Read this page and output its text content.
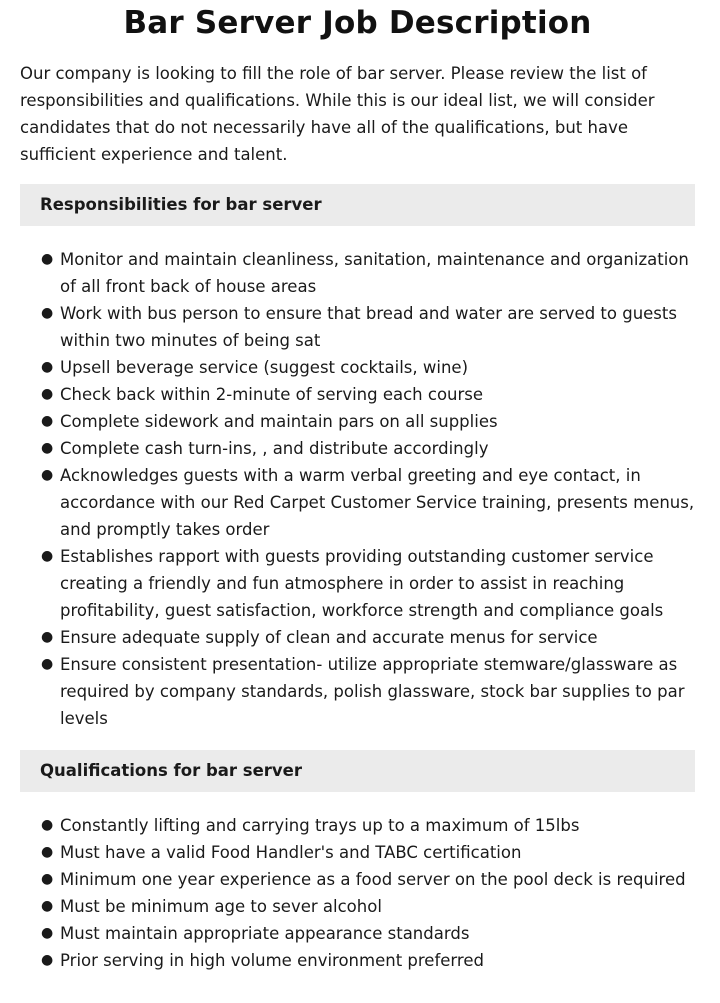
Bar Server Job Description

Our company is looking to fill the role of bar server. Please review the list of responsibilities and qualifications. While this is our ideal list, we will consider candidates that do not necessarily have all of the qualifications, but have sufficient experience and talent.

Responsibilities for bar server
● Monitor and maintain cleanliness, sanitation, maintenance and organization of all front back of house areas
● Work with bus person to ensure that bread and water are served to guests within two minutes of being sat
● Upsell beverage service (suggest cocktails, wine)
● Check back within 2-minute of serving each course
● Complete sidework and maintain pars on all supplies
● Complete cash turn-ins, , and distribute accordingly
● Acknowledges guests with a warm verbal greeting and eye contact, in accordance with our Red Carpet Customer Service training, presents menus, and promptly takes order
● Establishes rapport with guests providing outstanding customer service creating a friendly and fun atmosphere in order to assist in reaching profitability, guest satisfaction, workforce strength and compliance goals
● Ensure adequate supply of clean and accurate menus for service
● Ensure consistent presentation- utilize appropriate stemware/glassware as required by company standards, polish glassware, stock bar supplies to par levels
Qualifications for bar server
● Constantly lifting and carrying trays up to a maximum of 15lbs
● Must have a valid Food Handler's and TABC certification
● Minimum one year experience as a food server on the pool deck is required
● Must be minimum age to sever alcohol
● Must maintain appropriate appearance standards
● Prior serving in high volume environment preferred
